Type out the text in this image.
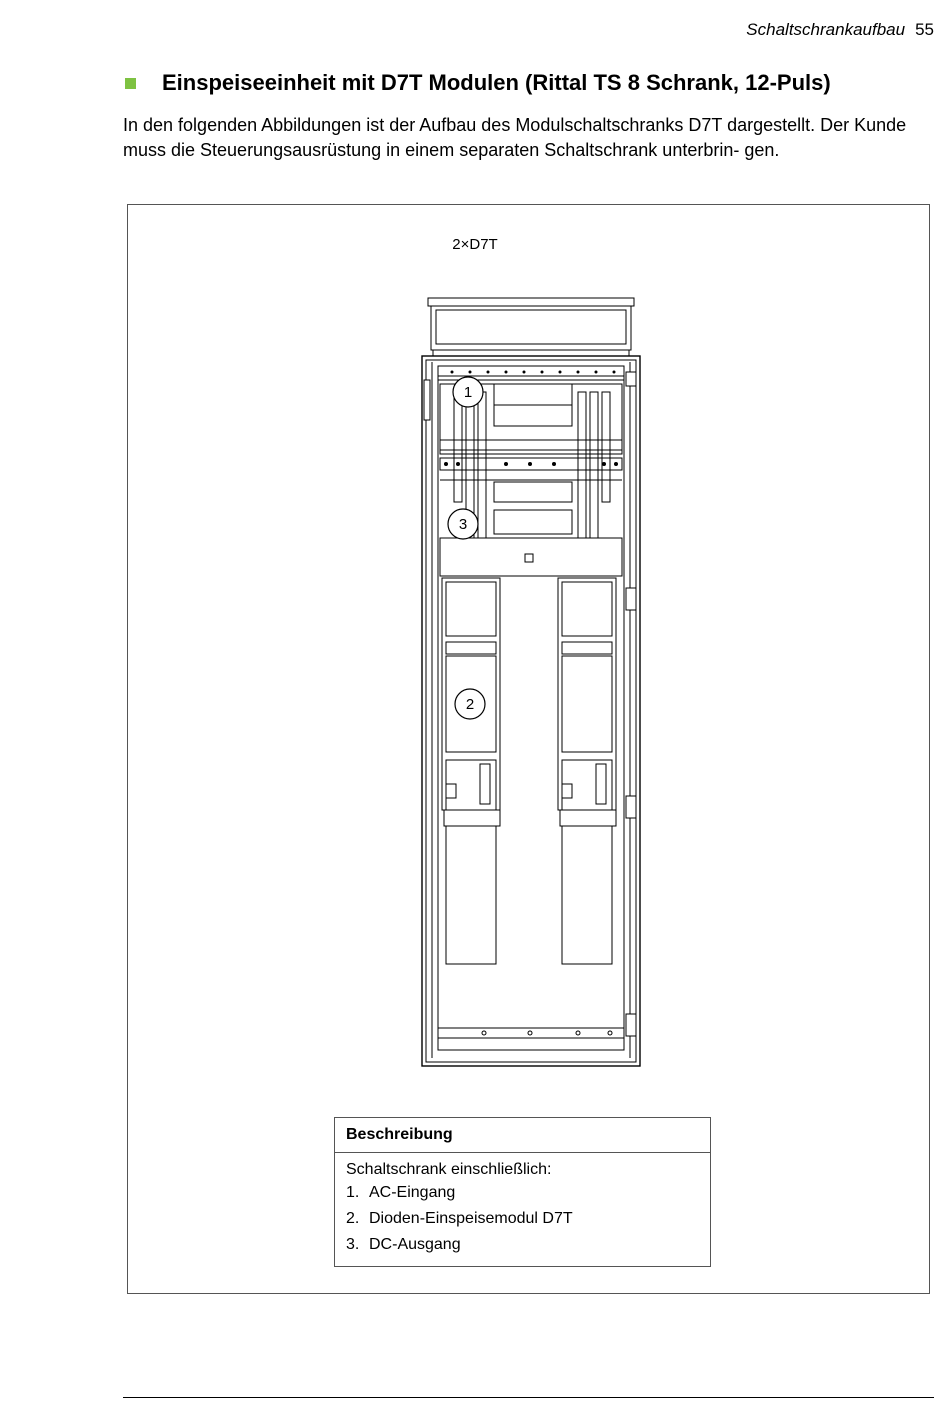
Schaltschrankaufbau 55
Einspeiseeinheit mit D7T Modulen (Rittal TS 8 Schrank, 12-Puls)

In den folgenden Abbildungen ist der Aufbau des Modulschaltschranks D7T dargestellt. Der Kunde muss die Steuerungsausrüstung in einem separaten Schaltschrank unterbrin- gen.

2×D7T
1
3
2
Beschreibung
Schaltschrank einschließlich:
1. AC-Eingang
2. Dioden-Einspeisemodul D7T
3. DC-Ausgang
